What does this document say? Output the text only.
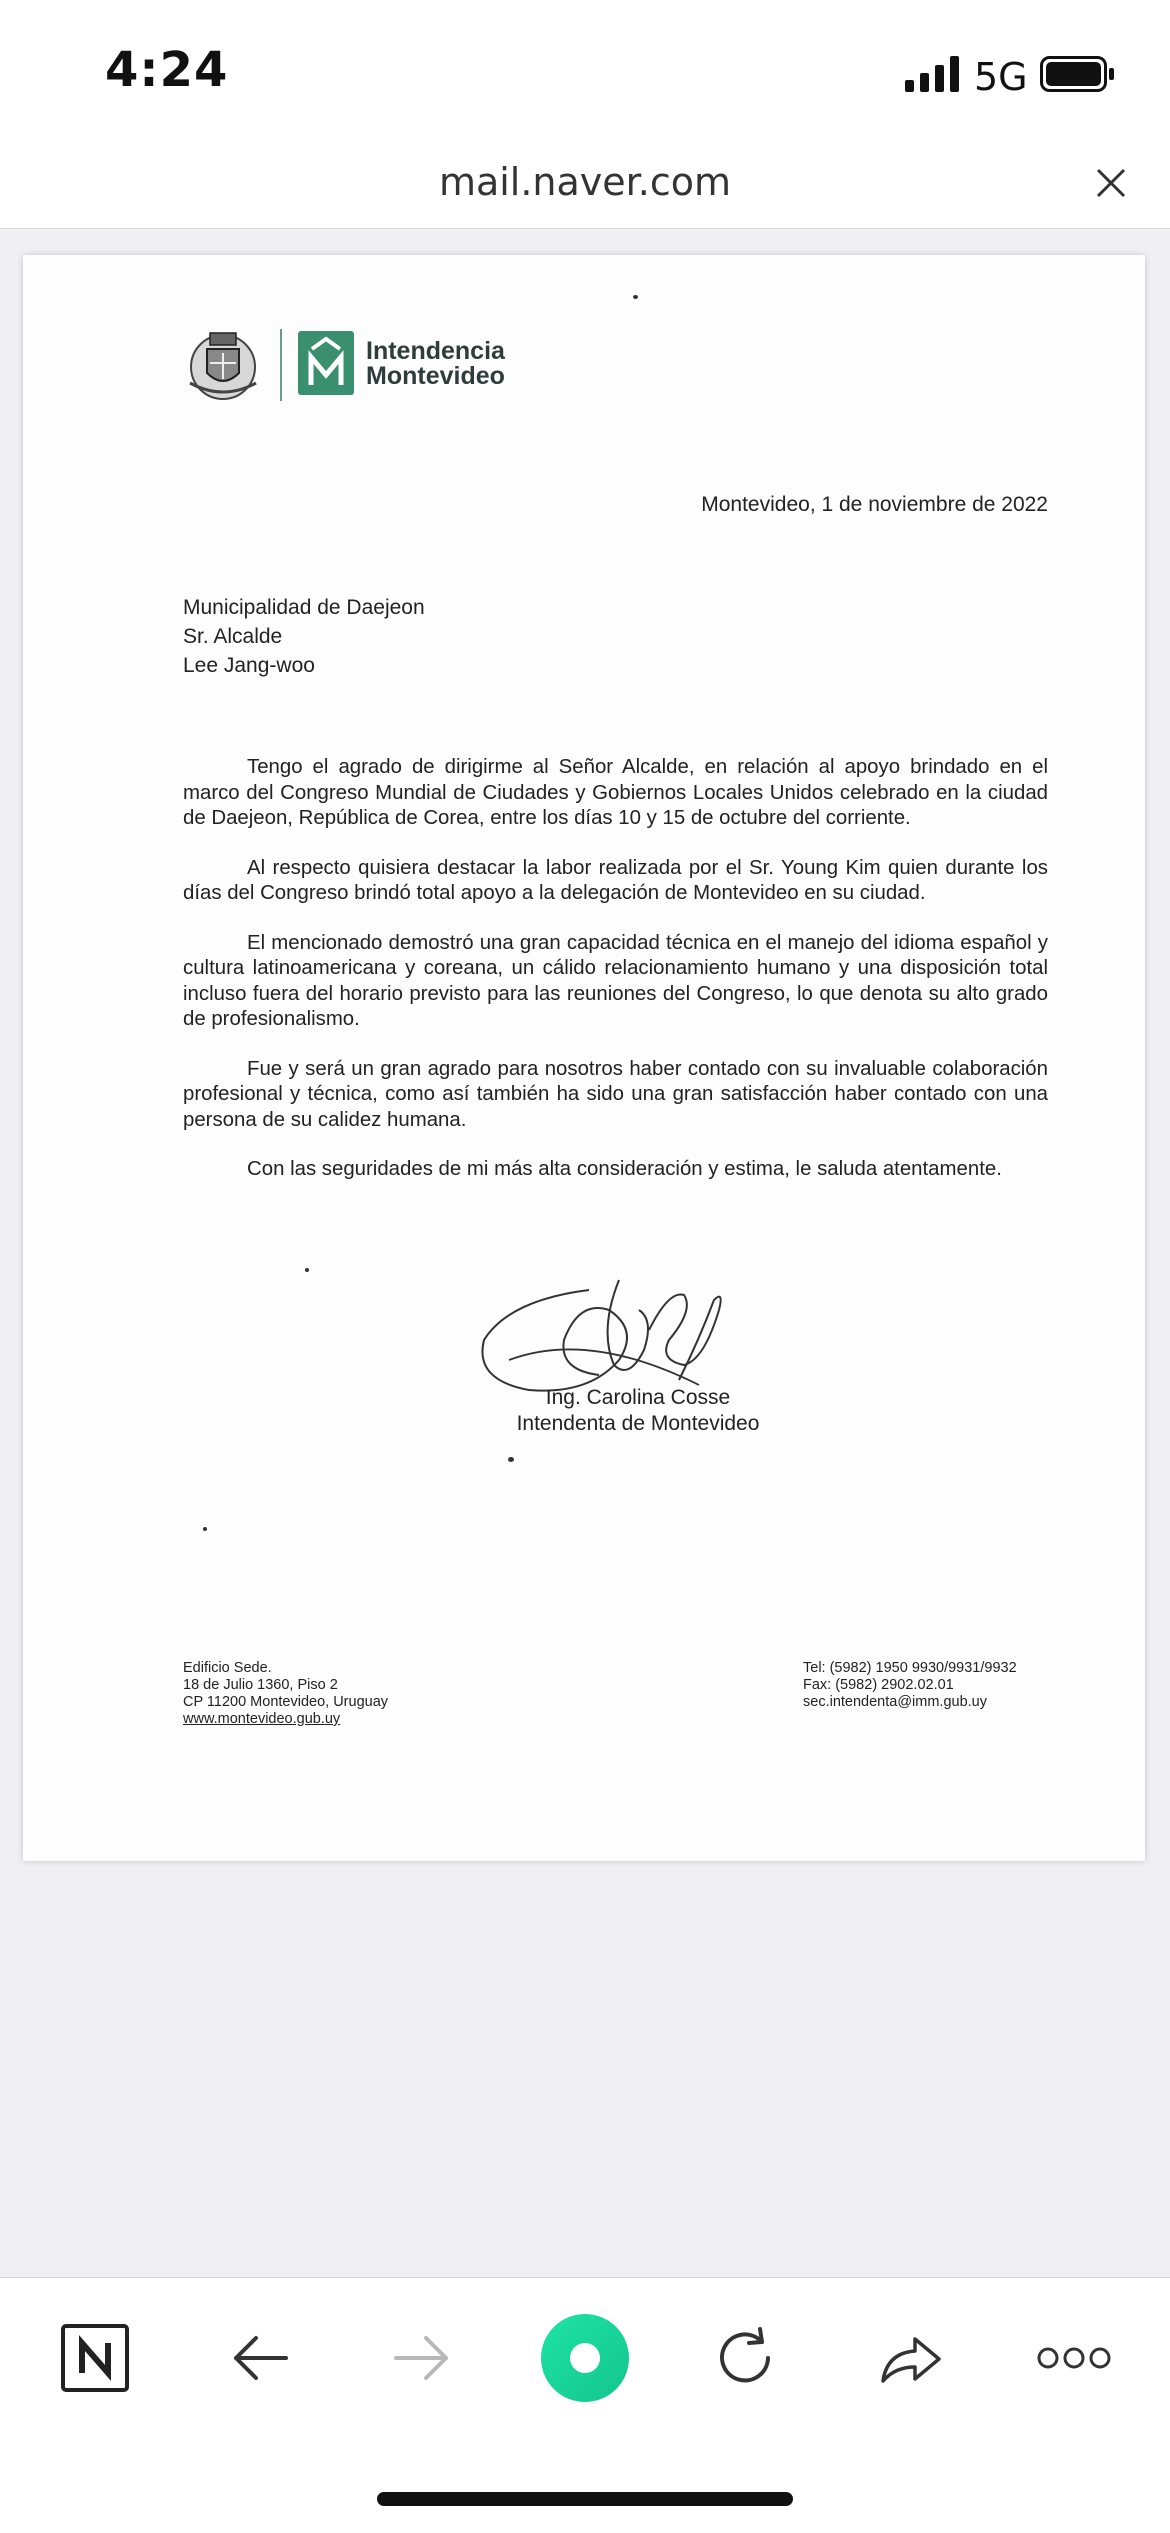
4:24	5G
mail.naver.com
Intendencia
Montevideo
Montevideo, 1 de noviembre de 2022
Municipalidad de Daejeon
Sr. Alcalde
Lee Jang-woo

Tengo el agrado de dirigirme al Señor Alcalde, en relación al apoyo brindado en el marco del Congreso Mundial de Ciudades y Gobiernos Locales Unidos celebrado en la ciudad de Daejeon, República de Corea, entre los días 10 y 15 de octubre del corriente.

Al respecto quisiera destacar la labor realizada por el Sr. Young Kim quien durante los días del Congreso brindó total apoyo a la delegación de Montevideo en su ciudad.

El mencionado demostró una gran capacidad técnica en el manejo del idioma español y cultura latinoamericana y coreana, un cálido relacionamiento humano y una disposición total incluso fuera del horario previsto para las reuniones del Congreso, lo que denota su alto grado de profesionalismo.

Fue y será un gran agrado para nosotros haber contado con su invaluable colaboración profesional y técnica, como así también ha sido una gran satisfacción haber contado con una persona de su calidez humana.

Con las seguridades de mi más alta consideración y estima, le saluda atentamente.

Ing. Carolina Cosse
Intendenta de Montevideo
Edificio Sede.
18 de Julio 1360, Piso 2
CP 11200 Montevideo, Uruguay
www.montevideo.gub.uy
Tel: (5982) 1950 9930/9931/9932
Fax: (5982) 2902.02.01
sec.intendenta@imm.gub.uy
